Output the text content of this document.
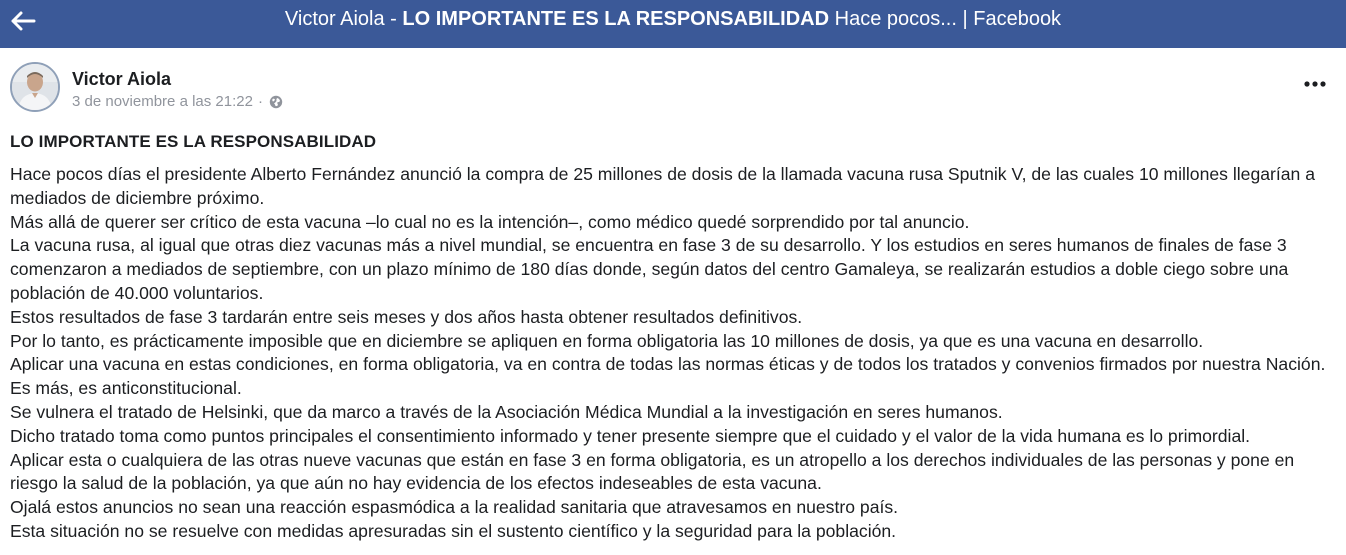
Victor Aiola - LO IMPORTANTE ES LA RESPONSABILIDAD Hace pocos... | Facebook
Victor Aiola
3 de noviembre a las 21:22 ·
LO IMPORTANTE ES LA RESPONSABILIDAD

Hace pocos días el presidente Alberto Fernández anunció la compra de 25 millones de dosis de la llamada vacuna rusa Sputnik V, de las cuales 10 millones llegarían a mediados de diciembre próximo.

Más allá de querer ser crítico de esta vacuna –lo cual no es la intención–, como médico quedé sorprendido por tal anuncio.

La vacuna rusa, al igual que otras diez vacunas más a nivel mundial, se encuentra en fase 3 de su desarrollo. Y los estudios en seres humanos de finales de fase 3 comenzaron a mediados de septiembre, con un plazo mínimo de 180 días donde, según datos del centro Gamaleya, se realizarán estudios a doble ciego sobre una población de 40.000 voluntarios.

Estos resultados de fase 3 tardarán entre seis meses y dos años hasta obtener resultados definitivos.

Por lo tanto, es prácticamente imposible que en diciembre se apliquen en forma obligatoria las 10 millones de dosis, ya que es una vacuna en desarrollo.

Aplicar una vacuna en estas condiciones, en forma obligatoria, va en contra de todas las normas éticas y de todos los tratados y convenios firmados por nuestra Nación. Es más, es anticonstitucional.

Se vulnera el tratado de Helsinki, que da marco a través de la Asociación Médica Mundial a la investigación en seres humanos.

Dicho tratado toma como puntos principales el consentimiento informado y tener presente siempre que el cuidado y el valor de la vida humana es lo primordial.

Aplicar esta o cualquiera de las otras nueve vacunas que están en fase 3 en forma obligatoria, es un atropello a los derechos individuales de las personas y pone en riesgo la salud de la población, ya que aún no hay evidencia de los efectos indeseables de esta vacuna.

Ojalá estos anuncios no sean una reacción espasmódica a la realidad sanitaria que atravesamos en nuestro país.

Esta situación no se resuelve con medidas apresuradas sin el sustento científico y la seguridad para la población.
